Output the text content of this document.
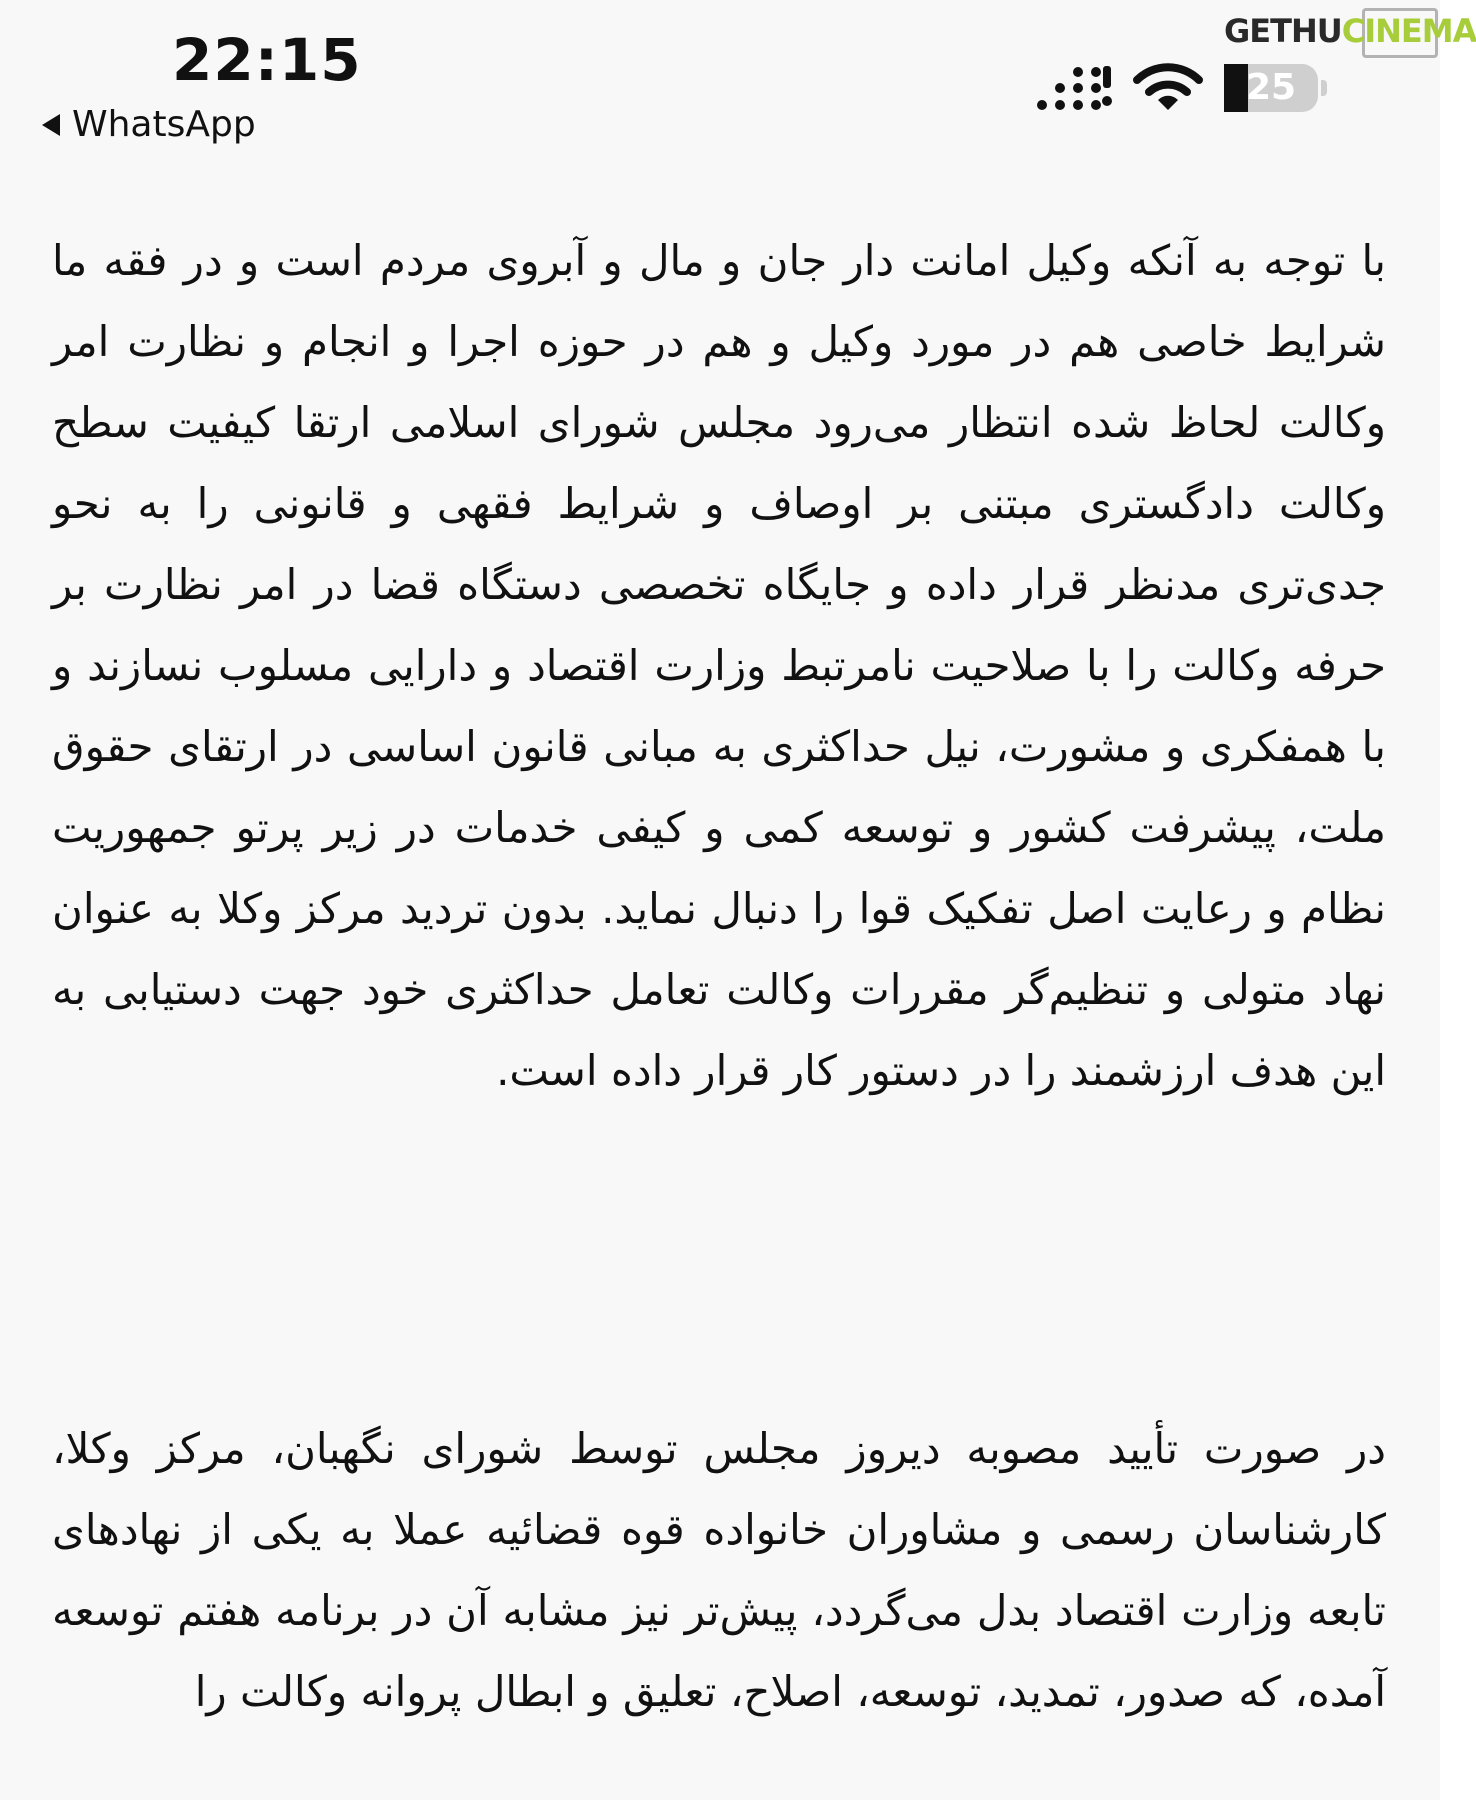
22:15
WhatsApp
25
GETHUCINEMA

با توجه به آنکه وکیل امانت دار جان و مال و آبروی مردم است و در فقه ما شرایط خاصی هم در مورد وکیل و هم در حوزه اجرا و انجام و نظارت امر وکالت لحاظ شده انتظار می‌رود مجلس شورای اسلامی ارتقا کیفیت سطح وکالت دادگستری مبتنی بر اوصاف و شرایط فقهی و قانونی را به نحو جدی‌تری مدنظر قرار داده و جایگاه تخصصی دستگاه قضا در امر نظارت بر حرفه وکالت را با صلاحیت نامرتبط وزارت اقتصاد و دارایی مسلوب نسازند و با همفکری و مشورت، نیل حداکثری به مبانی قانون اساسی در ارتقای حقوق ملت، پیشرفت کشور و توسعه کمی و کیفی خدمات در زیر پرتو جمهوریت نظام و رعایت اصل تفکیک قوا را دنبال نماید. بدون تردید مرکز وکلا به عنوان نهاد متولی و تنظیم‌گر مقررات وکالت تعامل حداکثری خود جهت دستیابی به این هدف ارزشمند را در دستور کار قرار داده است.

در صورت تأیید مصوبه دیروز مجلس توسط شورای نگهبان، مرکز وکلا، کارشناسان رسمی و مشاوران خانواده قوه قضائیه عملا به یکی از نهادهای تابعه وزارت اقتصاد بدل می‌گردد، پیش‌تر نیز مشابه آن در برنامه هفتم توسعه آمده، که صدور، تمدید، توسعه، اصلاح، تعلیق و ابطال پروانه وکالت را
